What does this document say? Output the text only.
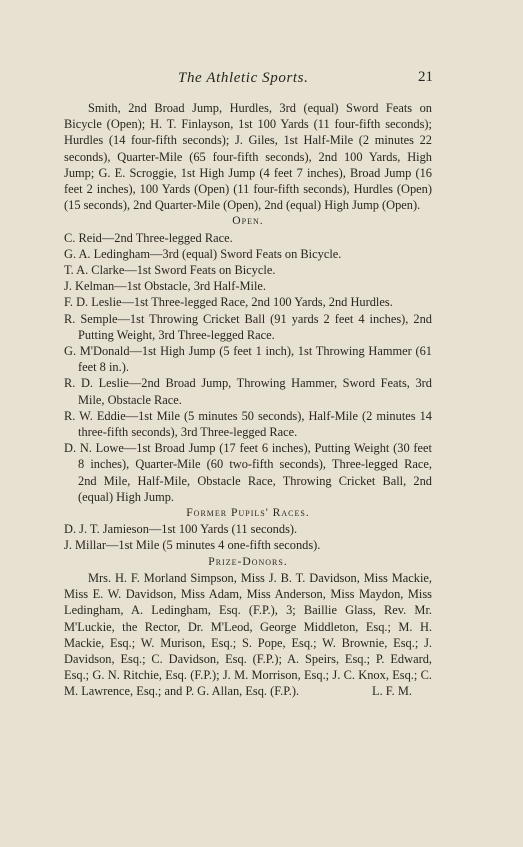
The Athletic Sports.	21

Smith, 2nd Broad Jump, Hurdles, 3rd (equal) Sword Feats on Bicycle (Open); H. T. Finlayson, 1st 100 Yards (11 four-fifth seconds); Hurdles (14 four-fifth seconds); J. Giles, 1st Half-Mile (2 minutes 22 seconds), Quarter-Mile (65 four-fifth seconds), 2nd 100 Yards, High Jump; G. E. Scroggie, 1st High Jump (4 feet 7 inches), Broad Jump (16 feet 2 inches), 100 Yards (Open) (11 four-fifth seconds), Hurdles (Open) (15 seconds), 2nd Quarter-Mile (Open), 2nd (equal) High Jump (Open).

Open.

C. Reid—2nd Three-legged Race.

G. A. Ledingham—3rd (equal) Sword Feats on Bicycle.

T. A. Clarke—1st Sword Feats on Bicycle.

J. Kelman—1st Obstacle, 3rd Half-Mile.

F. D. Leslie—1st Three-legged Race, 2nd 100 Yards, 2nd Hurdles.

R. Semple—1st Throwing Cricket Ball (91 yards 2 feet 4 inches), 2nd Putting Weight, 3rd Three-legged Race.

G. M'Donald—1st High Jump (5 feet 1 inch), 1st Throwing Hammer (61 feet 8 in.).

R. D. Leslie—2nd Broad Jump, Throwing Hammer, Sword Feats, 3rd Mile, Obstacle Race.

R. W. Eddie—1st Mile (5 minutes 50 seconds), Half-Mile (2 minutes 14 three-fifth seconds), 3rd Three-legged Race.

D. N. Lowe—1st Broad Jump (17 feet 6 inches), Putting Weight (30 feet 8 inches), Quarter-Mile (60 two-fifth seconds), Three-legged Race, 2nd Mile, Half-Mile, Obstacle Race, Throwing Cricket Ball, 2nd (equal) High Jump.

Former Pupils' Races.

D. J. T. Jamieson—1st 100 Yards (11 seconds).

J. Millar—1st Mile (5 minutes 4 one-fifth seconds).

Prize-Donors.

Mrs. H. F. Morland Simpson, Miss J. B. T. Davidson, Miss Mackie, Miss E. W. Davidson, Miss Adam, Miss Anderson, Miss Maydon, Miss Ledingham, A. Ledingham, Esq. (F.P.), 3; Baillie Glass, Rev. Mr. M'Luckie, the Rector, Dr. M'Leod, George Middleton, Esq.; M. H. Mackie, Esq.; W. Murison, Esq.; S. Pope, Esq.; W. Brownie, Esq.; J. Davidson, Esq.; C. Davidson, Esq. (F.P.); A. Speirs, Esq.; P. Edward, Esq.; G. N. Ritchie, Esq. (F.P.); J. M. Morrison, Esq.; J. C. Knox, Esq.; C. M. Lawrence, Esq.; and P. G. Allan, Esq. (F.P.).	L. F. M.
